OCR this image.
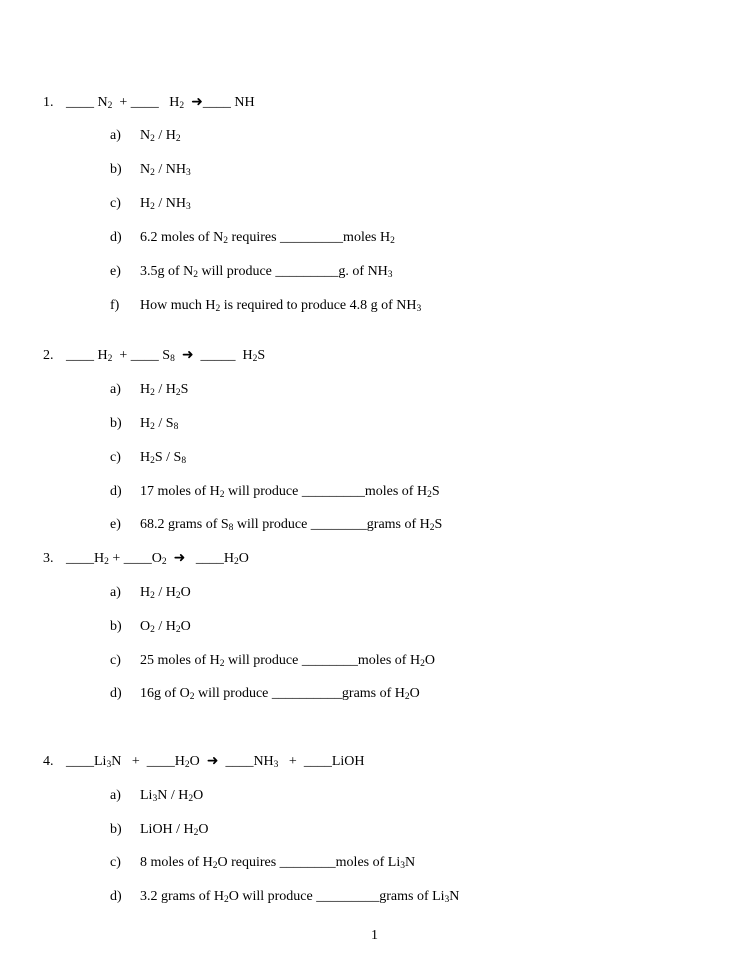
1. ____ $N_2$  + ____   $H_2$ ➜____ NH
a) $N_2 / H_2$
b) $N_2 / NH_3$
c) $H_2 / NH_3$
d) 6.2 moles of $N_2$ requires _________moles $H_2$
e) 3.5g of $N_2$ will produce _________g. of $NH_3$
f) How much $H_2$ is required to produce 4.8 g of $NH_3$
2. ____ $H_2$  + ____ $S_8$ ➜  _____  $H_2S$
a) $H_2 / H_2S$
b) $H_2 / S_8$
c) $H_2S / S_8$
d) 17 moles of $H_2$ will produce _________moles of $H_2S$
e) 68.2 grams of $S_8$ will produce ________grams of $H_2S$
3. $\_\_\_\_H_2$ + $\_\_\_\_O_2$ ➜   $\_\_\_\_H_2O$
a) $H_2 / H_2O$
b) $O_2 / H_2O$
c) 25 moles of $H_2$ will produce ________moles of $H_2O$
d) 16g of $O_2$ will produce __________grams of $H_2O$
4. $\_\_\_\_Li_3N$   +  $\_\_\_\_H_2O$  ➜  $\_\_\_\_NH_3$   +  ____LiOH
a) $Li_3N / H_2O$
b) LiOH / $H_2O$
c) 8 moles of $H_2O$ requires ________moles of $Li_3N$
d) 3.2 grams of $H_2O$ will produce _________grams of $Li_3N$
1
